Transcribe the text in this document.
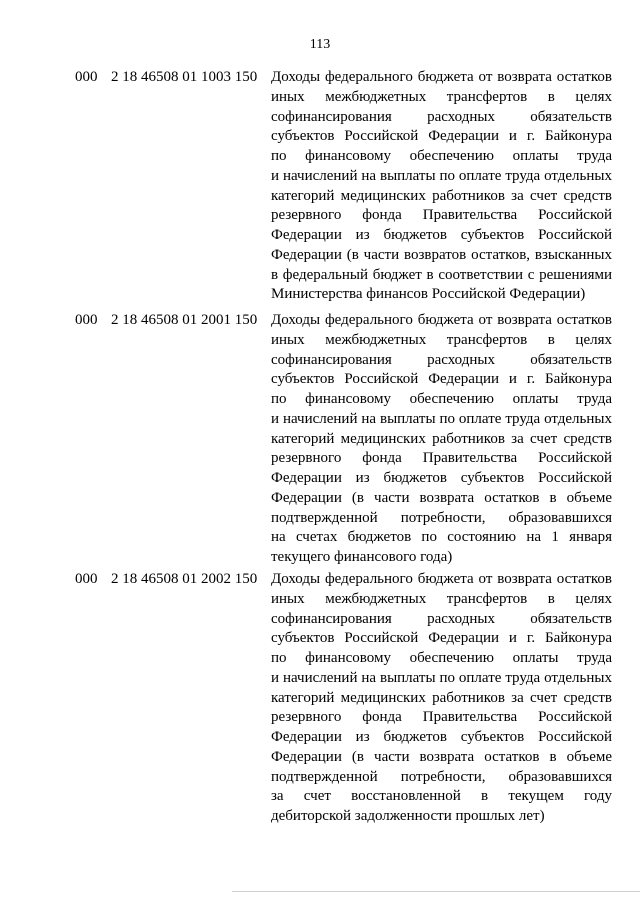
113
000 2 18 46508 01 1003 150 Доходы федерального бюджета от возврата остатков
иных межбюджетных трансфертов в целях
софинансирования расходных обязательств
субъектов Российской Федерации и г. Байконура
по финансовому обеспечению оплаты труда
и начислений на выплаты по оплате труда отдельных
категорий медицинских работников за счет средств
резервного фонда Правительства Российской
Федерации из бюджетов субъектов Российской
Федерации (в части возвратов остатков, взысканных
в федеральный бюджет в соответствии с решениями
Министерства финансов Российской Федерации)
000 2 18 46508 01 2001 150 Доходы федерального бюджета от возврата остатков
иных межбюджетных трансфертов в целях
софинансирования расходных обязательств
субъектов Российской Федерации и г. Байконура
по финансовому обеспечению оплаты труда
и начислений на выплаты по оплате труда отдельных
категорий медицинских работников за счет средств
резервного фонда Правительства Российской
Федерации из бюджетов субъектов Российской
Федерации (в части возврата остатков в объеме
подтвержденной потребности, образовавшихся
на счетах бюджетов по состоянию на 1 января
текущего финансового года)
000 2 18 46508 01 2002 150 Доходы федерального бюджета от возврата остатков
иных межбюджетных трансфертов в целях
софинансирования расходных обязательств
субъектов Российской Федерации и г. Байконура
по финансовому обеспечению оплаты труда
и начислений на выплаты по оплате труда отдельных
категорий медицинских работников за счет средств
резервного фонда Правительства Российской
Федерации из бюджетов субъектов Российской
Федерации (в части возврата остатков в объеме
подтвержденной потребности, образовавшихся
за счет восстановленной в текущем году
дебиторской задолженности прошлых лет)
